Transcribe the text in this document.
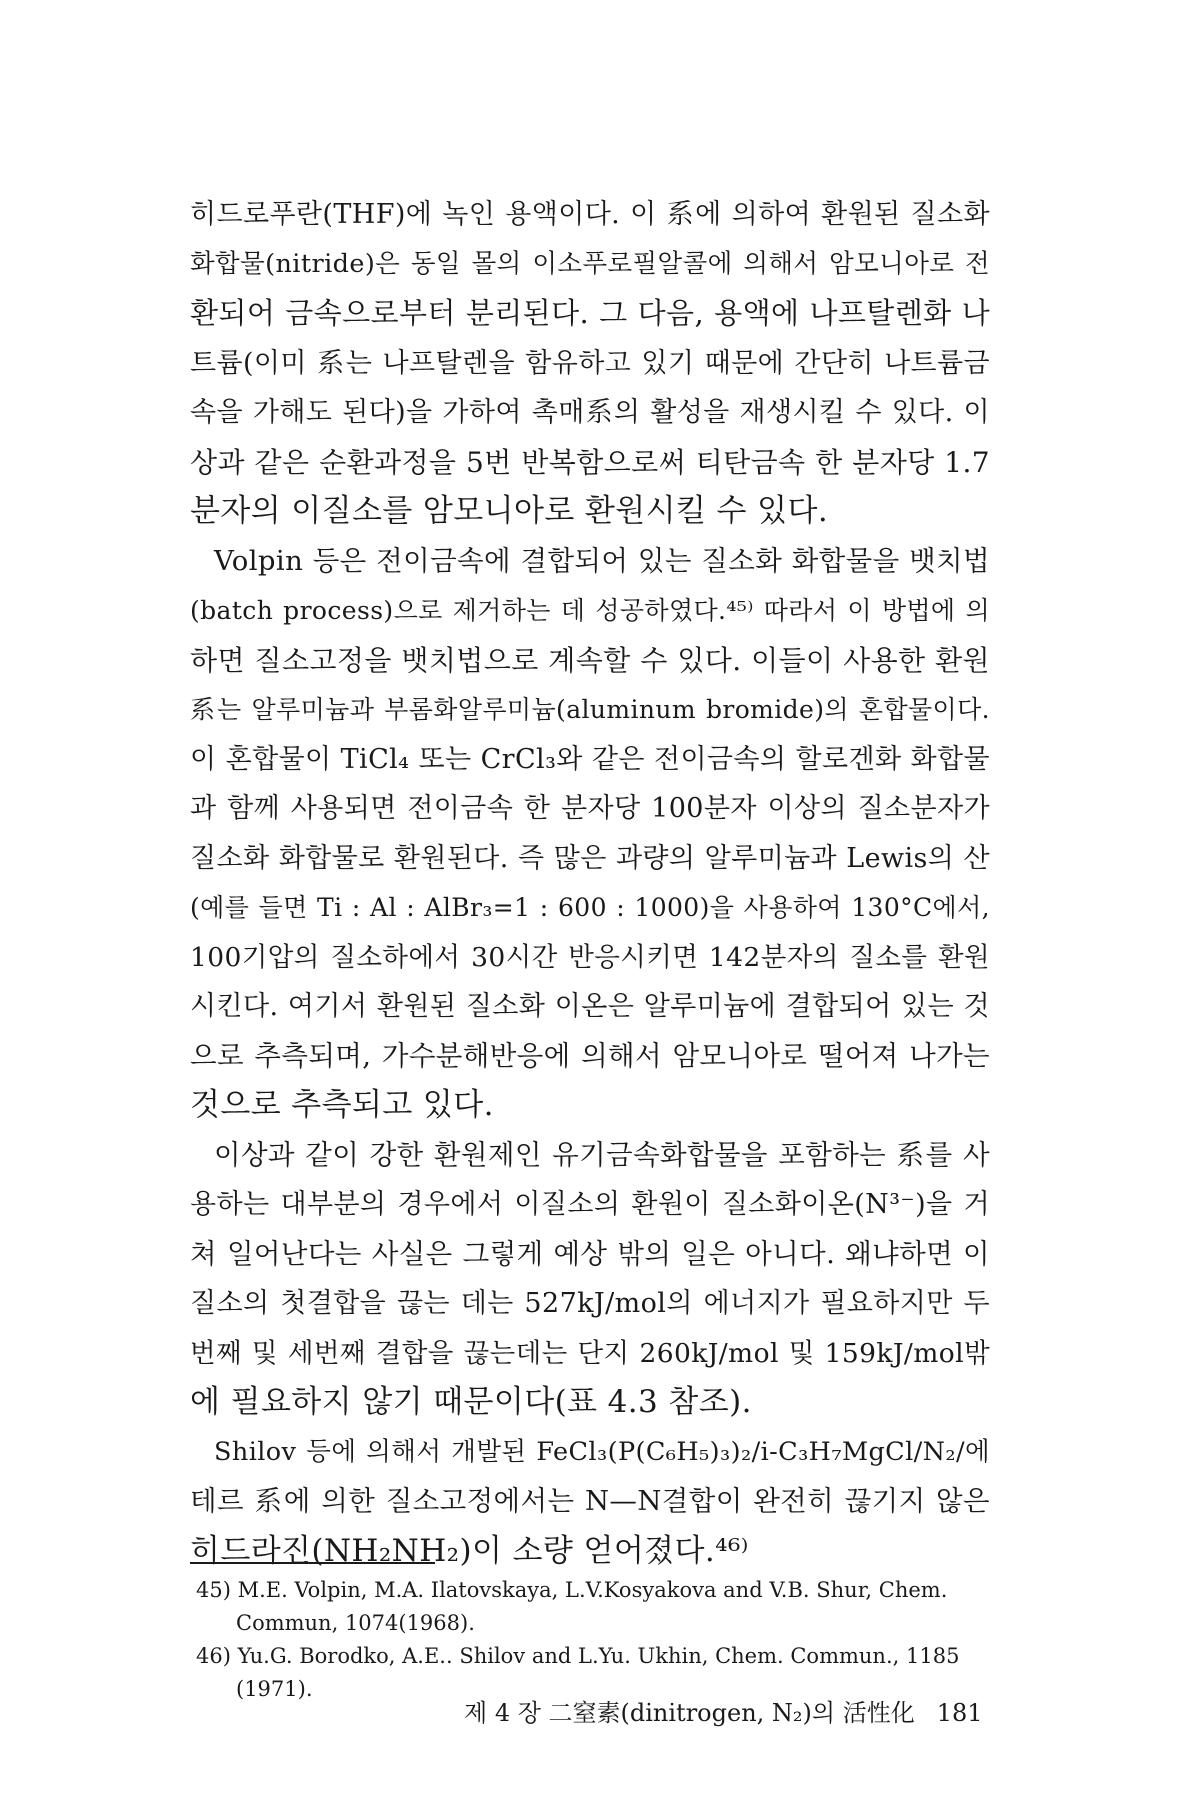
히드로푸란(THF)에 녹인 용액이다. 이 系에 의하여 환원된 질소화
화합물(nitride)은 동일 몰의 이소푸로필알콜에 의해서 암모니아로 전
환되어 금속으로부터 분리된다. 그 다음, 용액에 나프탈렌화 나
트륨(이미 系는 나프탈렌을 함유하고 있기 때문에 간단히 나트륨금
속을 가해도 된다)을 가하여 촉매系의 활성을 재생시킬 수 있다. 이
상과 같은 순환과정을 5번 반복함으로써 티탄금속 한 분자당 1.7
분자의 이질소를 암모니아로 환원시킬 수 있다.
Volpin 등은 전이금속에 결합되어 있는 질소화 화합물을 뱃치법
(batch process)으로 제거하는 데 성공하였다.⁴⁵⁾ 따라서 이 방법에 의
하면 질소고정을 뱃치법으로 계속할 수 있다. 이들이 사용한 환원
系는 알루미늄과 부롬화알루미늄(aluminum bromide)의 혼합물이다.
이 혼합물이 TiCl₄ 또는 CrCl₃와 같은 전이금속의 할로겐화 화합물
과 함께 사용되면 전이금속 한 분자당 100분자 이상의 질소분자가
질소화 화합물로 환원된다. 즉 많은 과량의 알루미늄과 Lewis의 산
(예를 들면 Ti : Al : AlBr₃=1 : 600 : 1000)을 사용하여 130°C에서,
100기압의 질소하에서 30시간 반응시키면 142분자의 질소를 환원
시킨다. 여기서 환원된 질소화 이온은 알루미늄에 결합되어 있는 것
으로 추측되며, 가수분해반응에 의해서 암모니아로 떨어져 나가는
것으로 추측되고 있다.
이상과 같이 강한 환원제인 유기금속화합물을 포함하는 系를 사
용하는 대부분의 경우에서 이질소의 환원이 질소화이온(N³⁻)을 거
쳐 일어난다는 사실은 그렇게 예상 밖의 일은 아니다. 왜냐하면 이
질소의 첫결합을 끊는 데는 527kJ/mol의 에너지가 필요하지만 두
번째 및 세번째 결합을 끊는데는 단지 260kJ/mol 및 159kJ/mol밖
에 필요하지 않기 때문이다(표 4.3 참조).
Shilov 등에 의해서 개발된 FeCl₃(P(C₆H₅)₃)₂/i-C₃H₇MgCl/N₂/에
테르 系에 의한 질소고정에서는 N—N결합이 완전히 끊기지 않은
히드라진(NH₂NH₂)이 소량 얻어졌다.⁴⁶⁾
45) M.E. Volpin, M.A. Ilatovskaya, L.V.Kosyakova and V.B. Shur, Chem.
Commun, 1074(1968).
46) Yu.G. Borodko, A.E.. Shilov and L.Yu. Ukhin, Chem. Commun., 1185
(1971).
제 4 장 二窒素(dinitrogen, N₂)의 活性化 181
